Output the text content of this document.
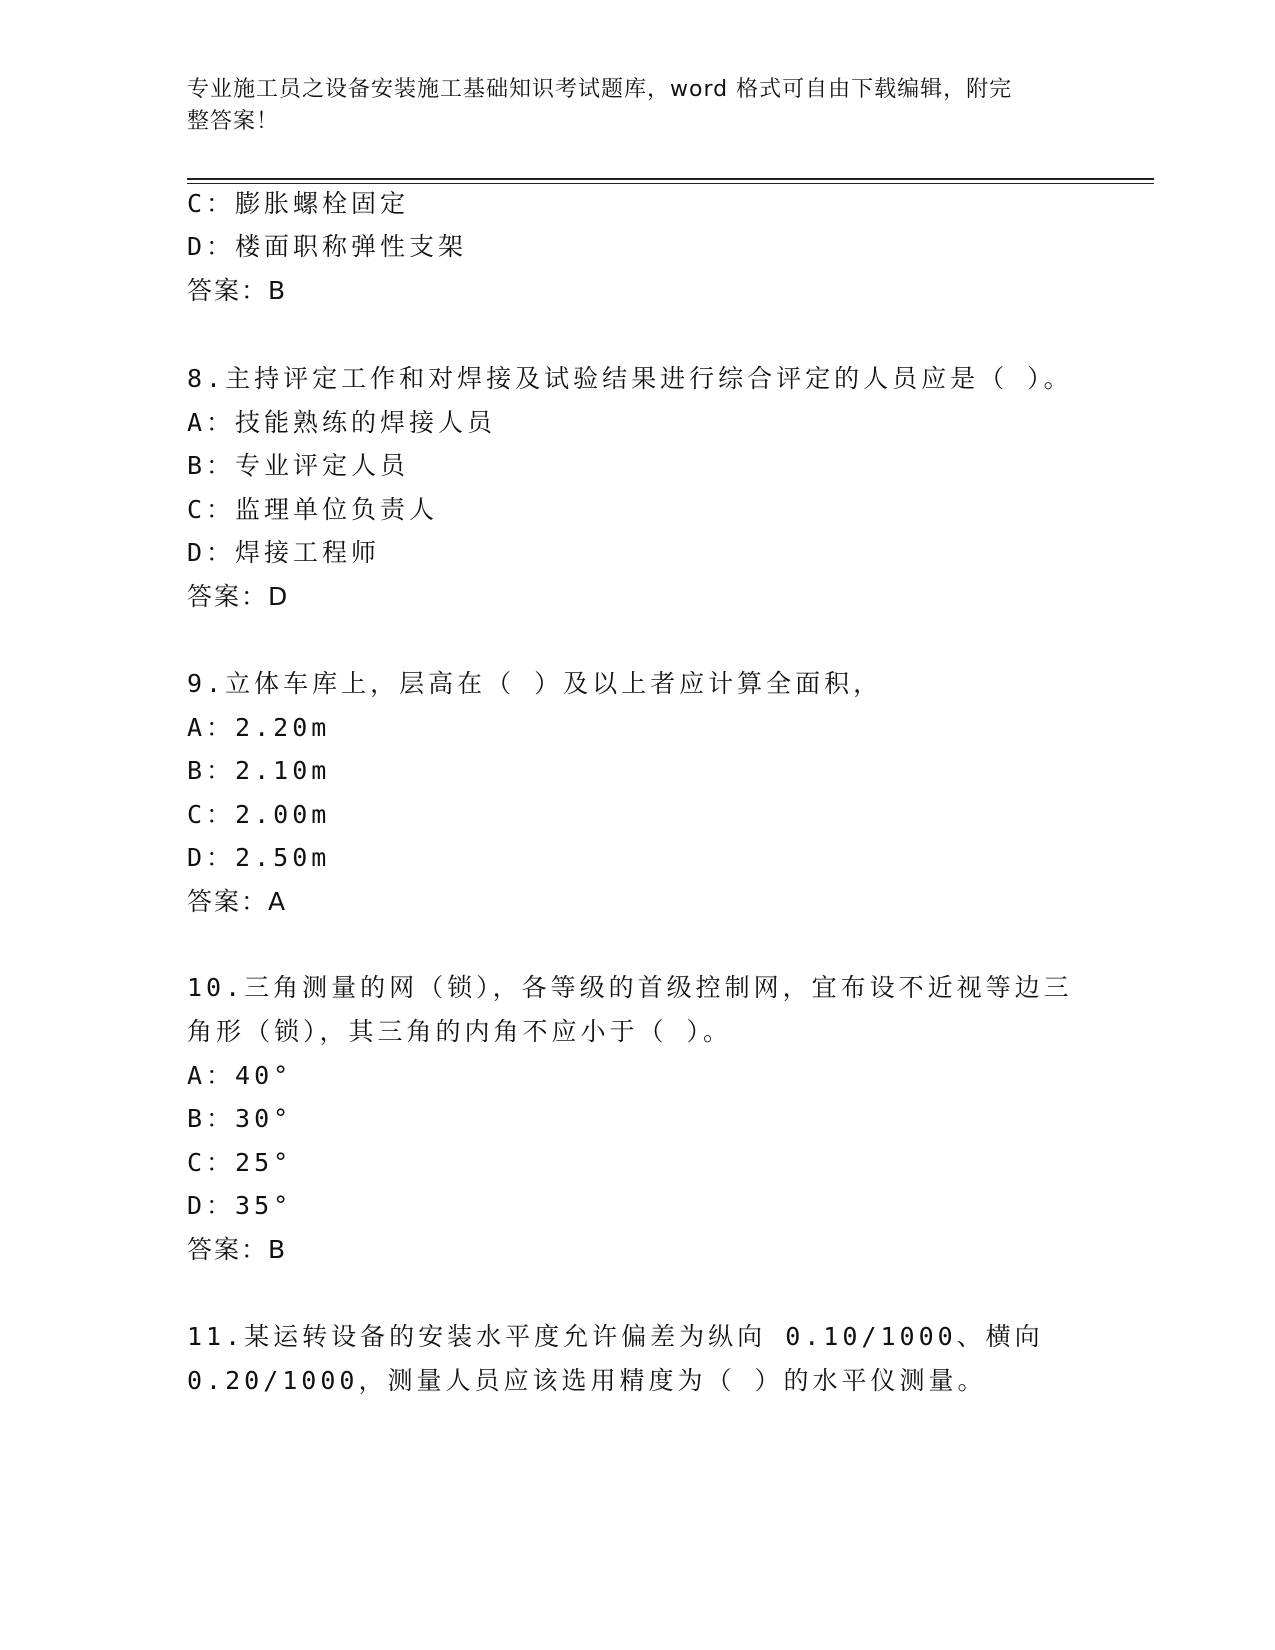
专业施工员之设备安装施工基础知识考试题库，word 格式可自由下载编辑，附完
整答案！
C：膨胀螺栓固定
D：楼面职称弹性支架
答案：B
8.主持评定工作和对焊接及试验结果进行综合评定的人员应是（ ）。
A：技能熟练的焊接人员
B：专业评定人员
C：监理单位负责人
D：焊接工程师
答案：D
9.立体车库上，层高在（ ）及以上者应计算全面积，
A：2.20m
B：2.10m
C：2.00m
D：2.50m
答案：A
10.三角测量的网（锁），各等级的首级控制网，宜布设不近视等边三
角形（锁），其三角的内角不应小于（ ）。
A：40°
B：30°
C：25°
D：35°
答案：B
11.某运转设备的安装水平度允许偏差为纵向 0.10/1000、横向
0.20/1000，测量人员应该选用精度为（ ）的水平仪测量。
